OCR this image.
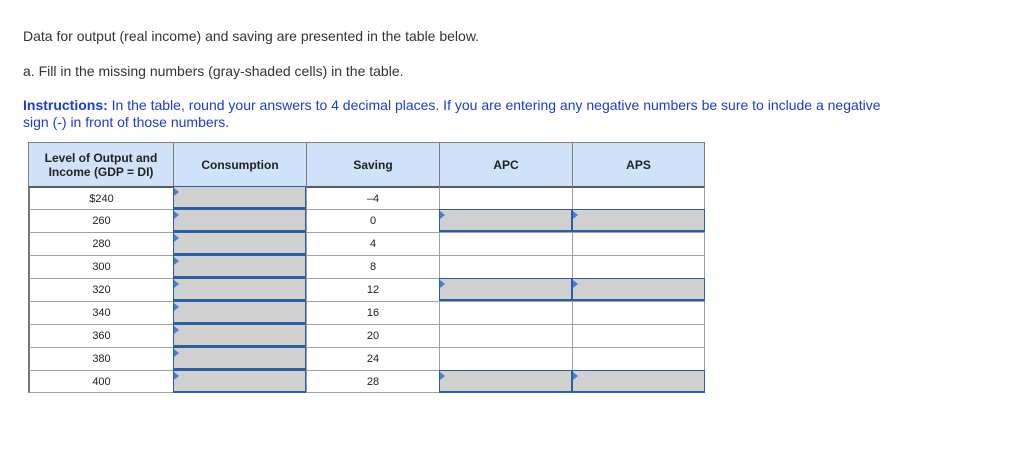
Data for output (real income) and saving are presented in the table below.

a. Fill in the missing numbers (gray-shaded cells) in the table.

Instructions: In the table, round your answers to 4 decimal places. If you are entering any negative numbers be sure to include a negative sign (-) in front of those numbers.

Level of Output and
Income (GDP = DI)	Consumption	Saving	APC	APS
$240		–4		
260		0		
280		4		
300		8		
320		12		
340		16		
360		20		
380		24		
400		28		
